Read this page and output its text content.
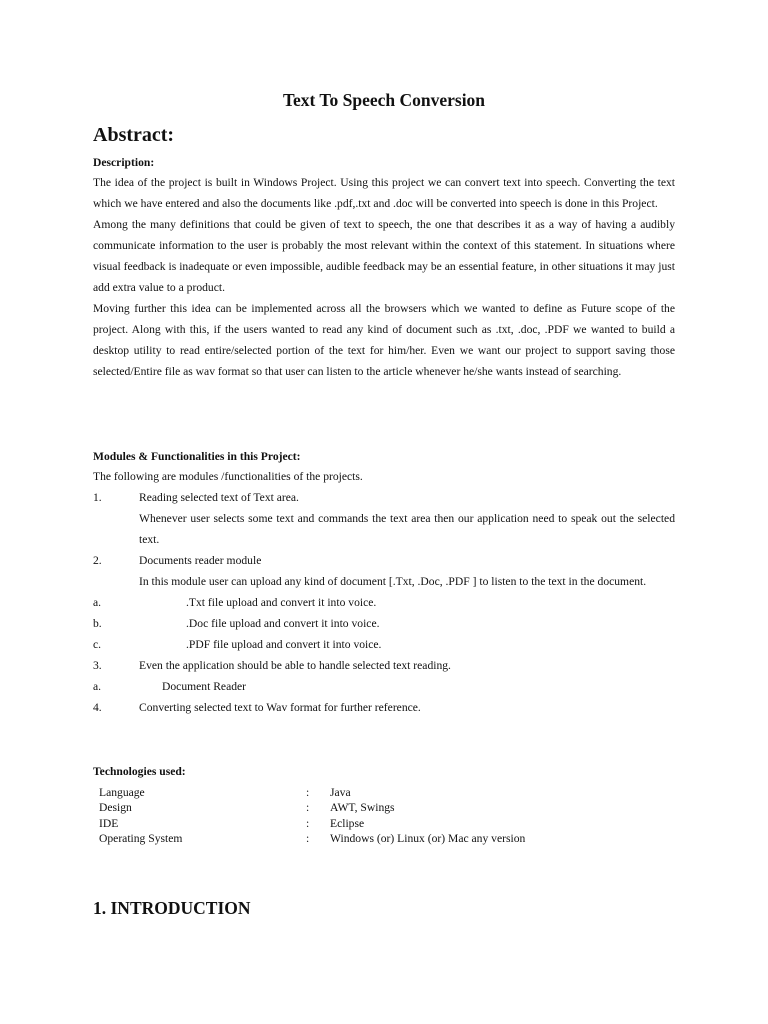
Text To Speech Conversion
Abstract:

Description:

The idea of the project is built in Windows Project. Using this project we can convert text into speech. Converting the text which we have entered and also the documents like .pdf,.txt and .doc will be converted into speech is done in this Project.

Among the many definitions that could be given of text to speech, the one that describes it as a way of having a audibly communicate information to the user is probably the most relevant within the context of this statement. In situations where visual feedback is inadequate or even impossible, audible feedback may be an essential feature, in other situations it may just add extra value to a product.

Moving further this idea can be implemented across all the browsers which we wanted to define as Future scope of the project. Along with this, if the users wanted to read any kind of document such as .txt, .doc, .PDF we wanted to build a desktop utility to read entire/selected portion of the text for him/her. Even we want our project to support saving those selected/Entire file as wav format so that user can listen to the article whenever he/she wants instead of searching.

Modules & Functionalities in this Project:

The following are modules /functionalities of the projects.

1.	Reading selected text of Text area.

Whenever user selects some text and commands the text area then our application need to speak out the selected text.

2.	Documents reader module

In this module user can upload any kind of document [.Txt, .Doc, .PDF ] to listen to the text in the document.

a.	.Txt file upload and convert it into voice.
b.	.Doc file upload and convert it into voice.
c.	.PDF file upload and convert it into voice.
3.	Even the application should be able to handle selected text reading.
a.	Document Reader
4.	Converting selected text to Wav format for further reference.

Technologies used:

Language	:	Java
Design	:	AWT, Swings
IDE	:	Eclipse
Operating System	:	Windows (or) Linux (or) Mac any version
1. INTRODUCTION
